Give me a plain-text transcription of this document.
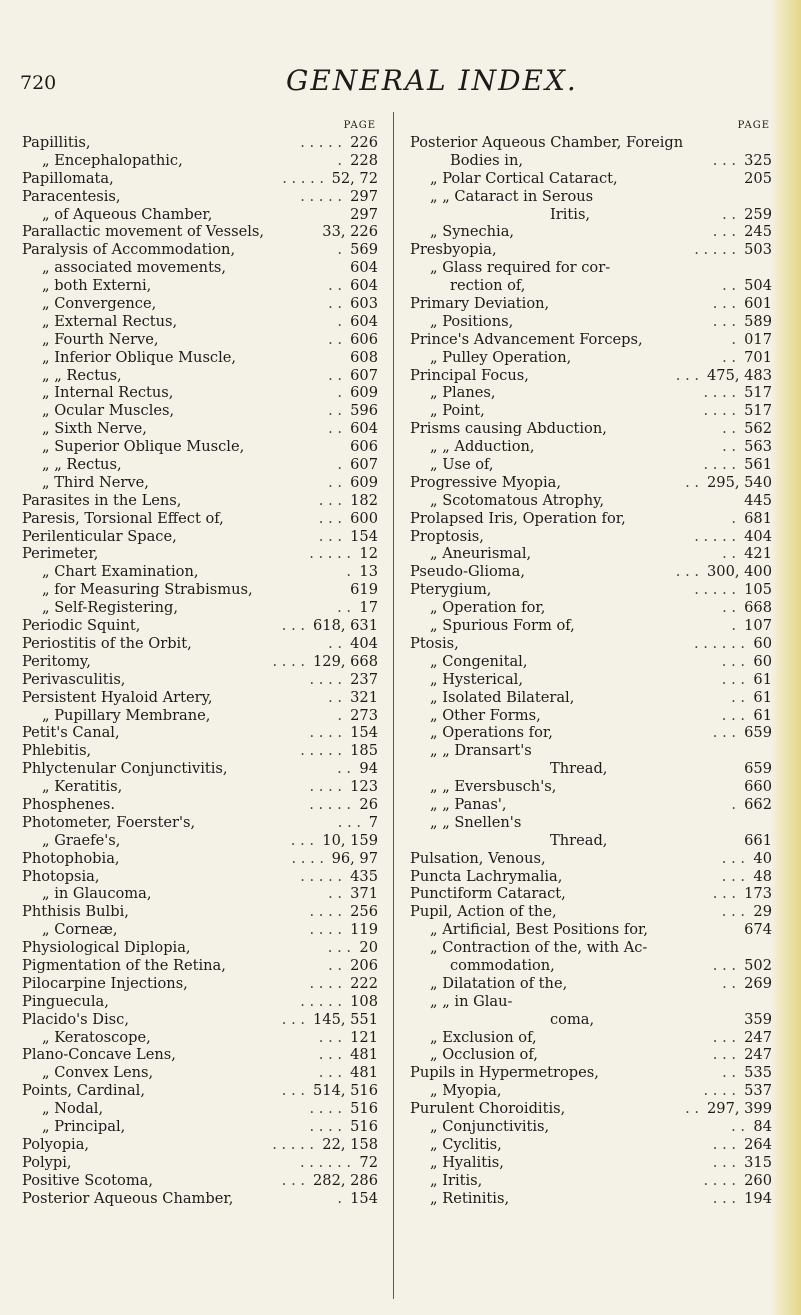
720	GENERAL INDEX.
PAGE
Papillitis,	. . . . . 226
„ Encephalopathic,	. 228
Papillomata,	. . . . . 52, 72
Paracentesis,	. . . . . 297
„ of Aqueous Chamber,	297
Parallactic movement of Vessels,	33, 226
Paralysis of Accommodation,	. 569
„ associated movements,	604
„ both Externi,	. . 604
„ Convergence,	. . 603
„ External Rectus,	. 604
„ Fourth Nerve,	. . 606
„ Inferior Oblique Muscle,	608
„ „ Rectus,	. . 607
„ Internal Rectus,	. 609
„ Ocular Muscles,	. . 596
„ Sixth Nerve,	. . 604
„ Superior Oblique Muscle,	606
„ „ Rectus,	. 607
„ Third Nerve,	. . 609
Parasites in the Lens,	. . . 182
Paresis, Torsional Effect of,	. . . 600
Perilenticular Space,	. . . 154
Perimeter,	. . . . . 12
„ Chart Examination,	. 13
„ for Measuring Strabismus,	619
„ Self-Registering,	. . 17
Periodic Squint,	. . . 618, 631
Periostitis of the Orbit,	. . 404
Peritomy,	. . . . 129, 668
Perivasculitis,	. . . . 237
Persistent Hyaloid Artery,	. . 321
„ Pupillary Membrane,	. 273
Petit's Canal,	. . . . 154
Phlebitis,	. . . . . 185
Phlyctenular Conjunctivitis,	. . 94
„ Keratitis,	. . . . 123
Phosphenes.	. . . . . 26
Photometer, Foerster's,	. . . 7
„ Graefe's,	. . . 10, 159
Photophobia,	. . . . 96, 97
Photopsia,	. . . . . 435
„ in Glaucoma,	. . 371
Phthisis Bulbi,	. . . . 256
„ Corneæ,	. . . . 119
Physiological Diplopia,	. . . 20
Pigmentation of the Retina,	. . 206
Pilocarpine Injections,	. . . . 222
Pinguecula,	. . . . . 108
Placido's Disc,	. . . 145, 551
„ Keratoscope,	. . . 121
Plano-Concave Lens,	. . . 481
„ Convex Lens,	. . . 481
Points, Cardinal,	. . . 514, 516
„ Nodal,	. . . . 516
„ Principal,	. . . . 516
Polyopia,	. . . . . 22, 158
Polypi,	. . . . . . 72
Positive Scotoma,	. . . 282, 286
Posterior Aqueous Chamber,	. 154
PAGE
Posterior Aqueous Chamber, Foreign
Bodies in,	. . . 325
„ Polar Cortical Cataract,	205
„ „ Cataract in Serous
Iritis,	. . 259
„ Synechia,	. . . 245
Presbyopia,	. . . . . 503
„ Glass required for cor-
rection of,	. . 504
Primary Deviation,	. . . 601
„ Positions,	. . . 589
Prince's Advancement Forceps,	. 017
„ Pulley Operation,	. . 701
Principal Focus,	. . . 475, 483
„ Planes,	. . . . 517
„ Point,	. . . . 517
Prisms causing Abduction,	. . 562
„ „ Adduction,	. . 563
„ Use of,	. . . . 561
Progressive Myopia,	. . 295, 540
„ Scotomatous Atrophy,	445
Prolapsed Iris, Operation for,	. 681
Proptosis,	. . . . . 404
„ Aneurismal,	. . 421
Pseudo-Glioma,	. . . 300, 400
Pterygium,	. . . . . 105
„ Operation for,	. . 668
„ Spurious Form of,	. 107
Ptosis,	. . . . . . 60
„ Congenital,	. . . 60
„ Hysterical,	. . . 61
„ Isolated Bilateral,	. . 61
„ Other Forms,	. . . 61
„ Operations for,	. . . 659
„ „ Dransart's
Thread,	659
„ „ Eversbusch's,	660
„ „ Panas',	. 662
„ „ Snellen's
Thread,	661
Pulsation, Venous,	. . . 40
Puncta Lachrymalia,	. . . 48
Punctiform Cataract,	. . . 173
Pupil, Action of the,	. . . 29
„ Artificial, Best Positions for,	674
„ Contraction of the, with Ac-
commodation,	. . . 502
„ Dilatation of the,	. . 269
„ „ in Glau-
coma,	359
„ Exclusion of,	. . . 247
„ Occlusion of,	. . . 247
Pupils in Hypermetropes,	. . 535
„ Myopia,	. . . . 537
Purulent Choroiditis,	. . 297, 399
„ Conjunctivitis,	. . 84
„ Cyclitis,	. . . 264
„ Hyalitis,	. . . 315
„ Iritis,	. . . . 260
„ Retinitis,	. . . 194
